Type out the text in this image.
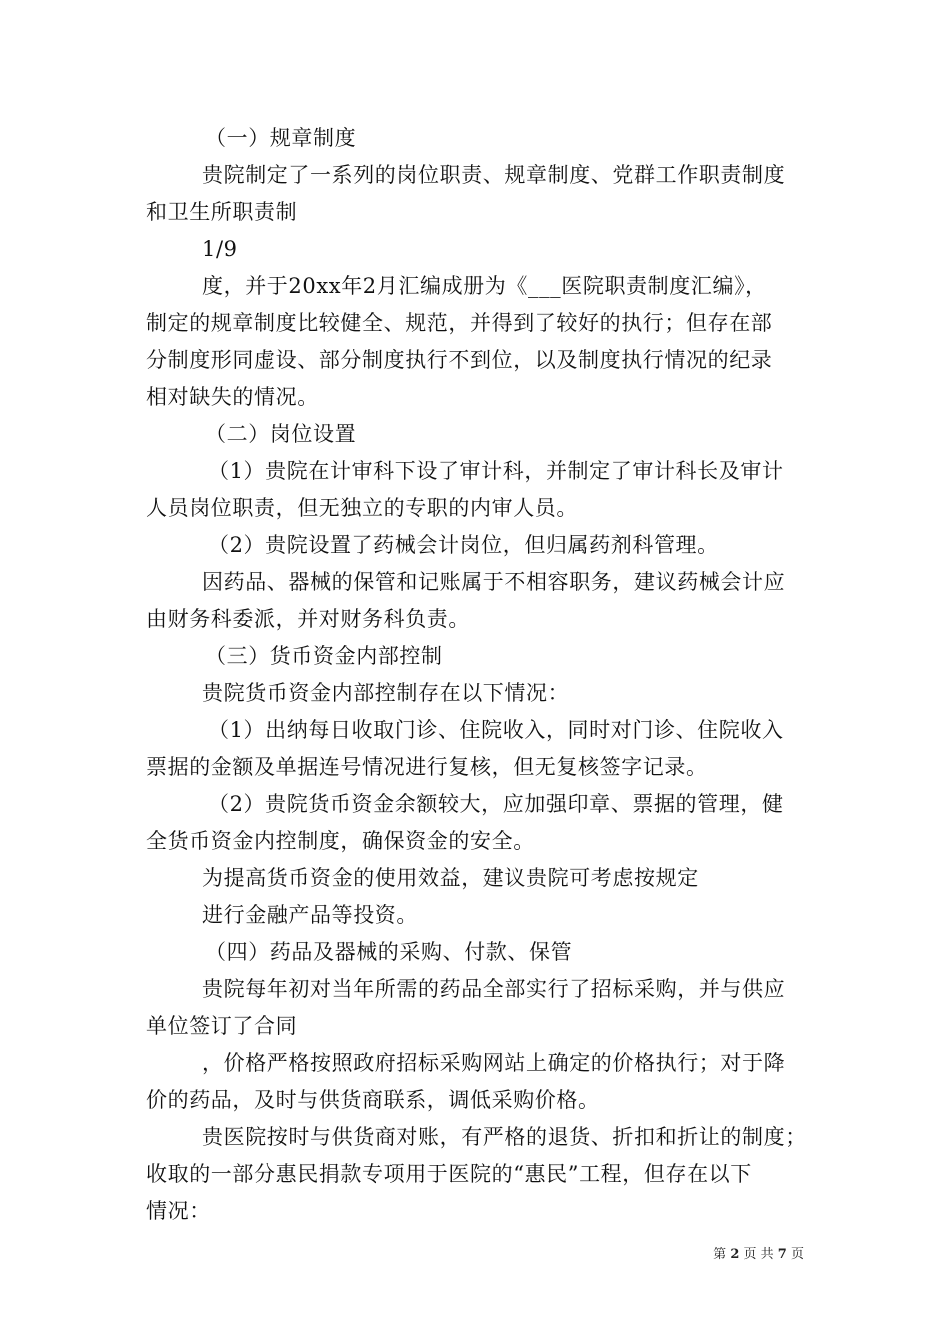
（一）规章制度
贵院制定了一系列的岗位职责、规章制度、党群工作职责制度
和卫生所职责制
1/9
度，并于20xx年2月汇编成册为《___医院职责制度汇编》，
制定的规章制度比较健全、规范，并得到了较好的执行；但存在部
分制度形同虚设、部分制度执行不到位，以及制度执行情况的纪录
相对缺失的情况。
（二）岗位设置
（1）贵院在计审科下设了审计科，并制定了审计科长及审计
人员岗位职责，但无独立的专职的内审人员。
（2）贵院设置了药械会计岗位，但归属药剂科管理。
因药品、器械的保管和记账属于不相容职务，建议药械会计应
由财务科委派，并对财务科负责。
（三）货币资金内部控制
贵院货币资金内部控制存在以下情况：
（1）出纳每日收取门诊、住院收入，同时对门诊、住院收入
票据的金额及单据连号情况进行复核，但无复核签字记录。
（2）贵院货币资金余额较大，应加强印章、票据的管理，健
全货币资金内控制度，确保资金的安全。
为提高货币资金的使用效益，建议贵院可考虑按规定
进行金融产品等投资。
（四）药品及器械的采购、付款、保管
贵院每年初对当年所需的药品全部实行了招标采购，并与供应
单位签订了合同
，价格严格按照政府招标采购网站上确定的价格执行；对于降
价的药品，及时与供货商联系，调低采购价格。
贵医院按时与供货商对账，有严格的退货、折扣和折让的制度；
收取的一部分惠民捐款专项用于医院的“惠民”工程，但存在以下
情况：
第 2 页 共 7 页
